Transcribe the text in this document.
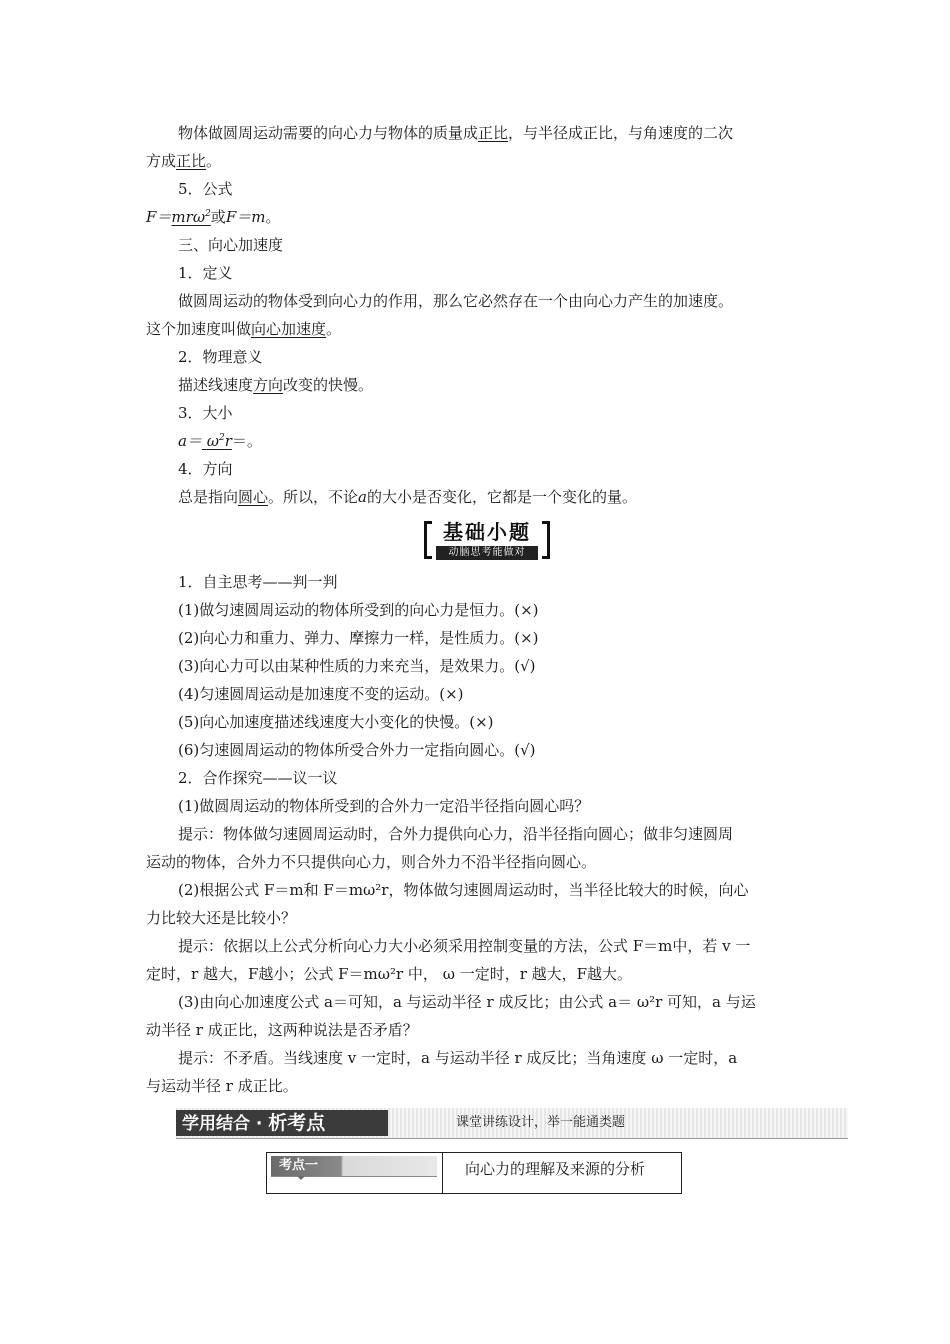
物体做圆周运动需要的向心力与物体的质量成正比，与半径成正比，与角速度的二次
方成正比。
5．公式
F＝mrω$^2$或F＝m。
三、向心加速度
1．定义
做圆周运动的物体受到向心力的作用，那么它必然存在一个由向心力产生的加速度。
这个加速度叫做向心加速度。
2．物理意义
描述线速度方向改变的快慢。
3．大小
$a= \omega^2r=$。
4．方向
总是指向圆心。所以，不论a的大小是否变化，它都是一个变化的量。
基础小题
动脑思考能做对
1．自主思考——判一判
(1)做匀速圆周运动的物体所受到的向心力是恒力。(×)
(2)向心力和重力、弹力、摩擦力一样，是性质力。(×)
(3)向心力可以由某种性质的力来充当，是效果力。(√)
(4)匀速圆周运动是加速度不变的运动。(×)
(5)向心加速度描述线速度大小变化的快慢。(×)
(6)匀速圆周运动的物体所受合外力一定指向圆心。(√)
2．合作探究——议一议
(1)做圆周运动的物体所受到的合外力一定沿半径指向圆心吗？
提示：物体做匀速圆周运动时，合外力提供向心力，沿半径指向圆心；做非匀速圆周
运动的物体，合外力不只提供向心力，则合外力不沿半径指向圆心。
(2)根据公式 F＝m和 F＝mω²r，物体做匀速圆周运动时，当半径比较大的时候，向心
力比较大还是比较小？
提示：依据以上公式分析向心力大小必须采用控制变量的方法，公式 F＝m中，若 v 一
定时，r 越大，F越小；公式 F＝mω²r 中， ω 一定时，r 越大，F越大。
(3)由向心加速度公式 a＝可知，a 与运动半径 r 成反比；由公式 a＝ ω²r 可知，a 与运
动半径 r 成正比，这两种说法是否矛盾？
提示：不矛盾。当线速度 v 一定时，a 与运动半径 r 成反比；当角速度 ω 一定时，a
与运动半径 r 成正比。
学用结合 · 析考点	课堂讲练设计，举一能通类题
考点一	向心力的理解及来源的分析
